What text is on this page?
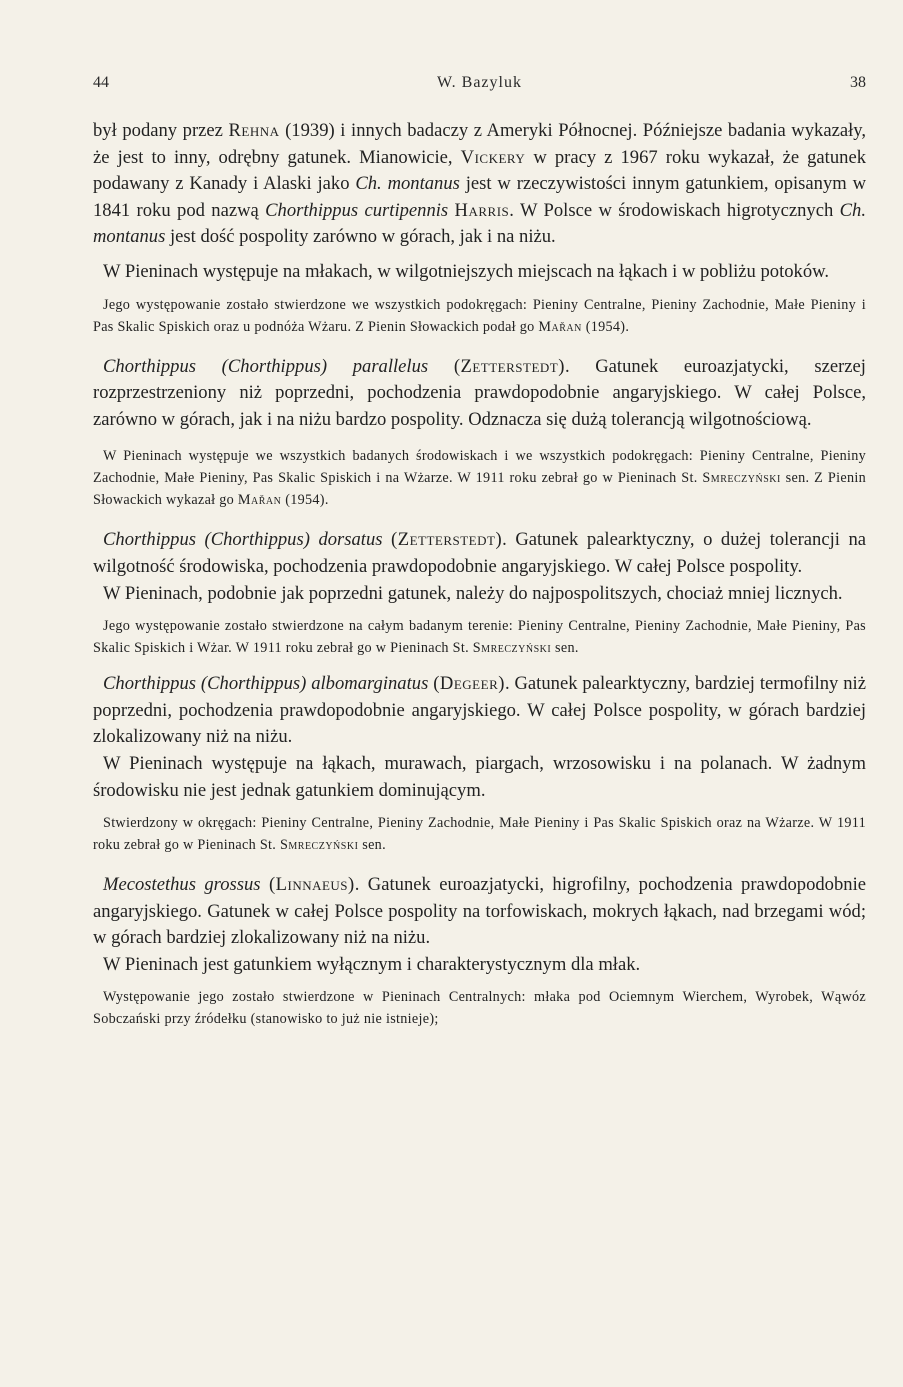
44	W. Bazyluk	38

był podany przez Rehna (1939) i innych badaczy z Ameryki Północnej. Późniejsze badania wykazały, że jest to inny, odrębny gatunek. Mianowicie, Vickery w pracy z 1967 roku wykazał, że gatunek podawany z Kanady i Alaski jako Ch. montanus jest w rzeczywistości innym gatunkiem, opisanym w 1841 roku pod nazwą Chorthippus curtipennis Harris. W Polsce w środowiskach higrotycznych Ch. montanus jest dość pospolity zarówno w górach, jak i na niżu.

W Pieninach występuje na młakach, w wilgotniejszych miejscach na łąkach i w pobliżu potoków.

Jego występowanie zostało stwierdzone we wszystkich podokręgach: Pieniny Centralne, Pieniny Zachodnie, Małe Pieniny i Pas Skalic Spiskich oraz u podnóża Wżaru. Z Pienin Słowackich podał go Mařan (1954).

Chorthippus (Chorthippus) parallelus (Zetterstedt). Gatunek euroazjatycki, szerzej rozprzestrzeniony niż poprzedni, pochodzenia prawdopodobnie angaryjskiego. W całej Polsce, zarówno w górach, jak i na niżu bardzo pospolity. Odznacza się dużą tolerancją wilgotnościową.

W Pieninach występuje we wszystkich badanych środowiskach i we wszystkich podokręgach: Pieniny Centralne, Pieniny Zachodnie, Małe Pieniny, Pas Skalic Spiskich i na Wżarze. W 1911 roku zebrał go w Pieninach St. Smreczyński sen. Z Pienin Słowackich wykazał go Mařan (1954).

Chorthippus (Chorthippus) dorsatus (Zetterstedt). Gatunek palearktyczny, o dużej tolerancji na wilgotność środowiska, pochodzenia prawdopodobnie angaryjskiego. W całej Polsce pospolity.

W Pieninach, podobnie jak poprzedni gatunek, należy do najpospolitszych, chociaż mniej licznych.

Jego występowanie zostało stwierdzone na całym badanym terenie: Pieniny Centralne, Pieniny Zachodnie, Małe Pieniny, Pas Skalic Spiskich i Wżar. W 1911 roku zebrał go w Pieninach St. Smreczyński sen.

Chorthippus (Chorthippus) albomarginatus (Degeer). Gatunek palearktyczny, bardziej termofilny niż poprzedni, pochodzenia prawdopodobnie angaryjskiego. W całej Polsce pospolity, w górach bardziej zlokalizowany niż na niżu.

W Pieninach występuje na łąkach, murawach, piargach, wrzosowisku i na polanach. W żadnym środowisku nie jest jednak gatunkiem dominującym.

Stwierdzony w okręgach: Pieniny Centralne, Pieniny Zachodnie, Małe Pieniny i Pas Skalic Spiskich oraz na Wżarze. W 1911 roku zebrał go w Pieninach St. Smreczyński sen.

Mecostethus grossus (Linnaeus). Gatunek euroazjatycki, higrofilny, pochodzenia prawdopodobnie angaryjskiego. Gatunek w całej Polsce pospolity na torfowiskach, mokrych łąkach, nad brzegami wód; w górach bardziej zlokalizowany niż na niżu.

W Pieninach jest gatunkiem wyłącznym i charakterystycznym dla młak.

Występowanie jego zostało stwierdzone w Pieninach Centralnych: młaka pod Ociemnym Wierchem, Wyrobek, Wąwóz Sobczański przy źródełku (stanowisko to już nie istnieje);
